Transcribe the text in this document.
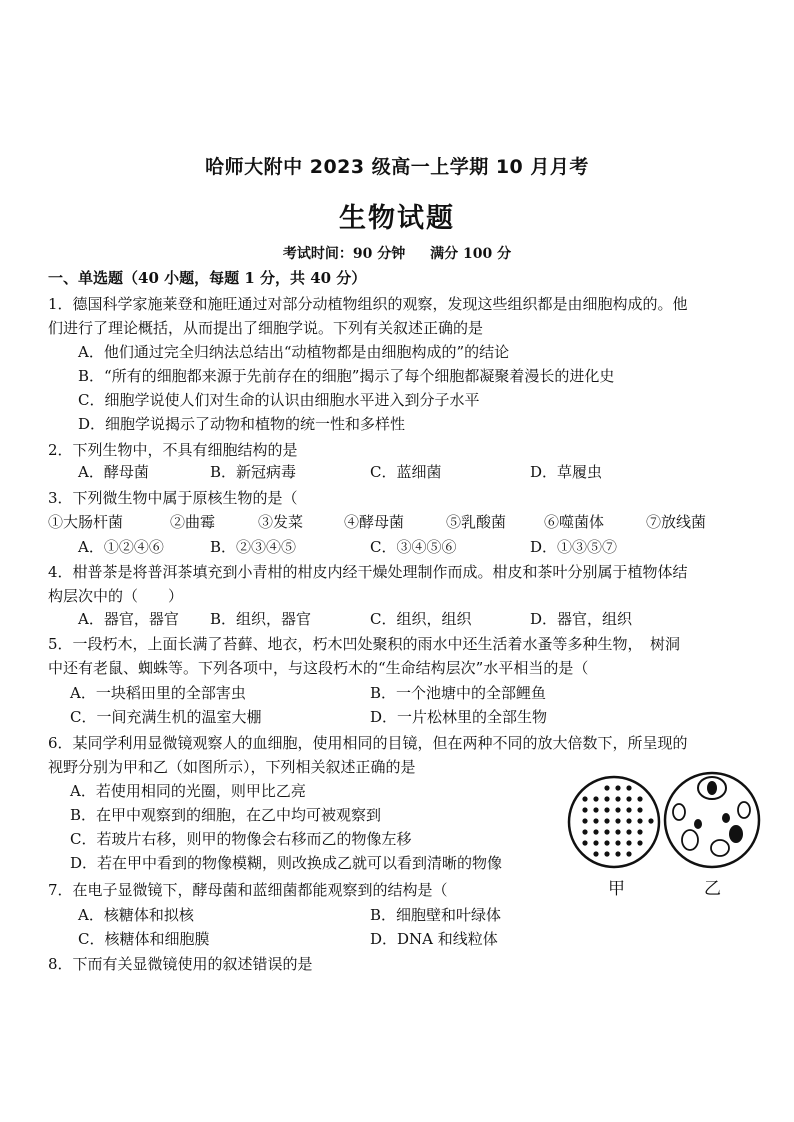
哈师大附中 2023 级高一上学期 10 月月考
生物试题
考试时间：90 分钟 满分 100 分
一、单选题（40 小题，每题 1 分，共 40 分）
1．德国科学家施莱登和施旺通过对部分动植物组织的观察，发现这些组织都是由细胞构成的。他
们进行了理论概括，从而提出了细胞学说。下列有关叙述正确的是
A．他们通过完全归纳法总结出“动植物都是由细胞构成的”的结论
B．“所有的细胞都来源于先前存在的细胞”揭示了每个细胞都凝聚着漫长的进化史
C．细胞学说使人们对生命的认识由细胞水平进入到分子水平
D．细胞学说揭示了动物和植物的统一性和多样性
2．下列生物中，不具有细胞结构的是
A．酵母菌	B．新冠病毒	C．蓝细菌	D．草履虫
3．下列微生物中属于原核生物的是（
①大肠杆菌	②曲霉	③发菜	④酵母菌	⑤乳酸菌	⑥噬菌体	⑦放线菌
A．①②④⑥	B．②③④⑤	C．③④⑤⑥	D．①③⑤⑦
4．柑普茶是将普洱茶填充到小青柑的柑皮内经干燥处理制作而成。柑皮和茶叶分别属于植物体结
构层次中的（　　）
A．器官，器官 B．组织，器官	C．组织，组织	D．器官，组织
5．一段朽木，上面长满了苔藓、地衣，朽木凹处聚积的雨水中还生活着水蚤等多种生物，　树洞
中还有老鼠、蜘蛛等。下列各项中，与这段朽木的“生命结构层次”水平相当的是（
A．一块稻田里的全部害虫	B．一个池塘中的全部鲤鱼
C．一间充满生机的温室大棚	D．一片松林里的全部生物
6．某同学利用显微镜观察人的血细胞，使用相同的目镜，但在两种不同的放大倍数下，所呈现的
视野分别为甲和乙（如图所示），下列相关叙述正确的是
A．若使用相同的光圈，则甲比乙亮
B．在甲中观察到的细胞，在乙中均可被观察到
C．若玻片右移，则甲的物像会右移而乙的物像左移
D．若在甲中看到的物像模糊，则改换成乙就可以看到清晰的物像
甲	乙
7．在电子显微镜下，酵母菌和蓝细菌都能观察到的结构是（
A．核糖体和拟核	B．细胞壁和叶绿体
C．核糖体和细胞膜	D．DNA 和线粒体
8．下而有关显微镜使用的叙述错误的是
